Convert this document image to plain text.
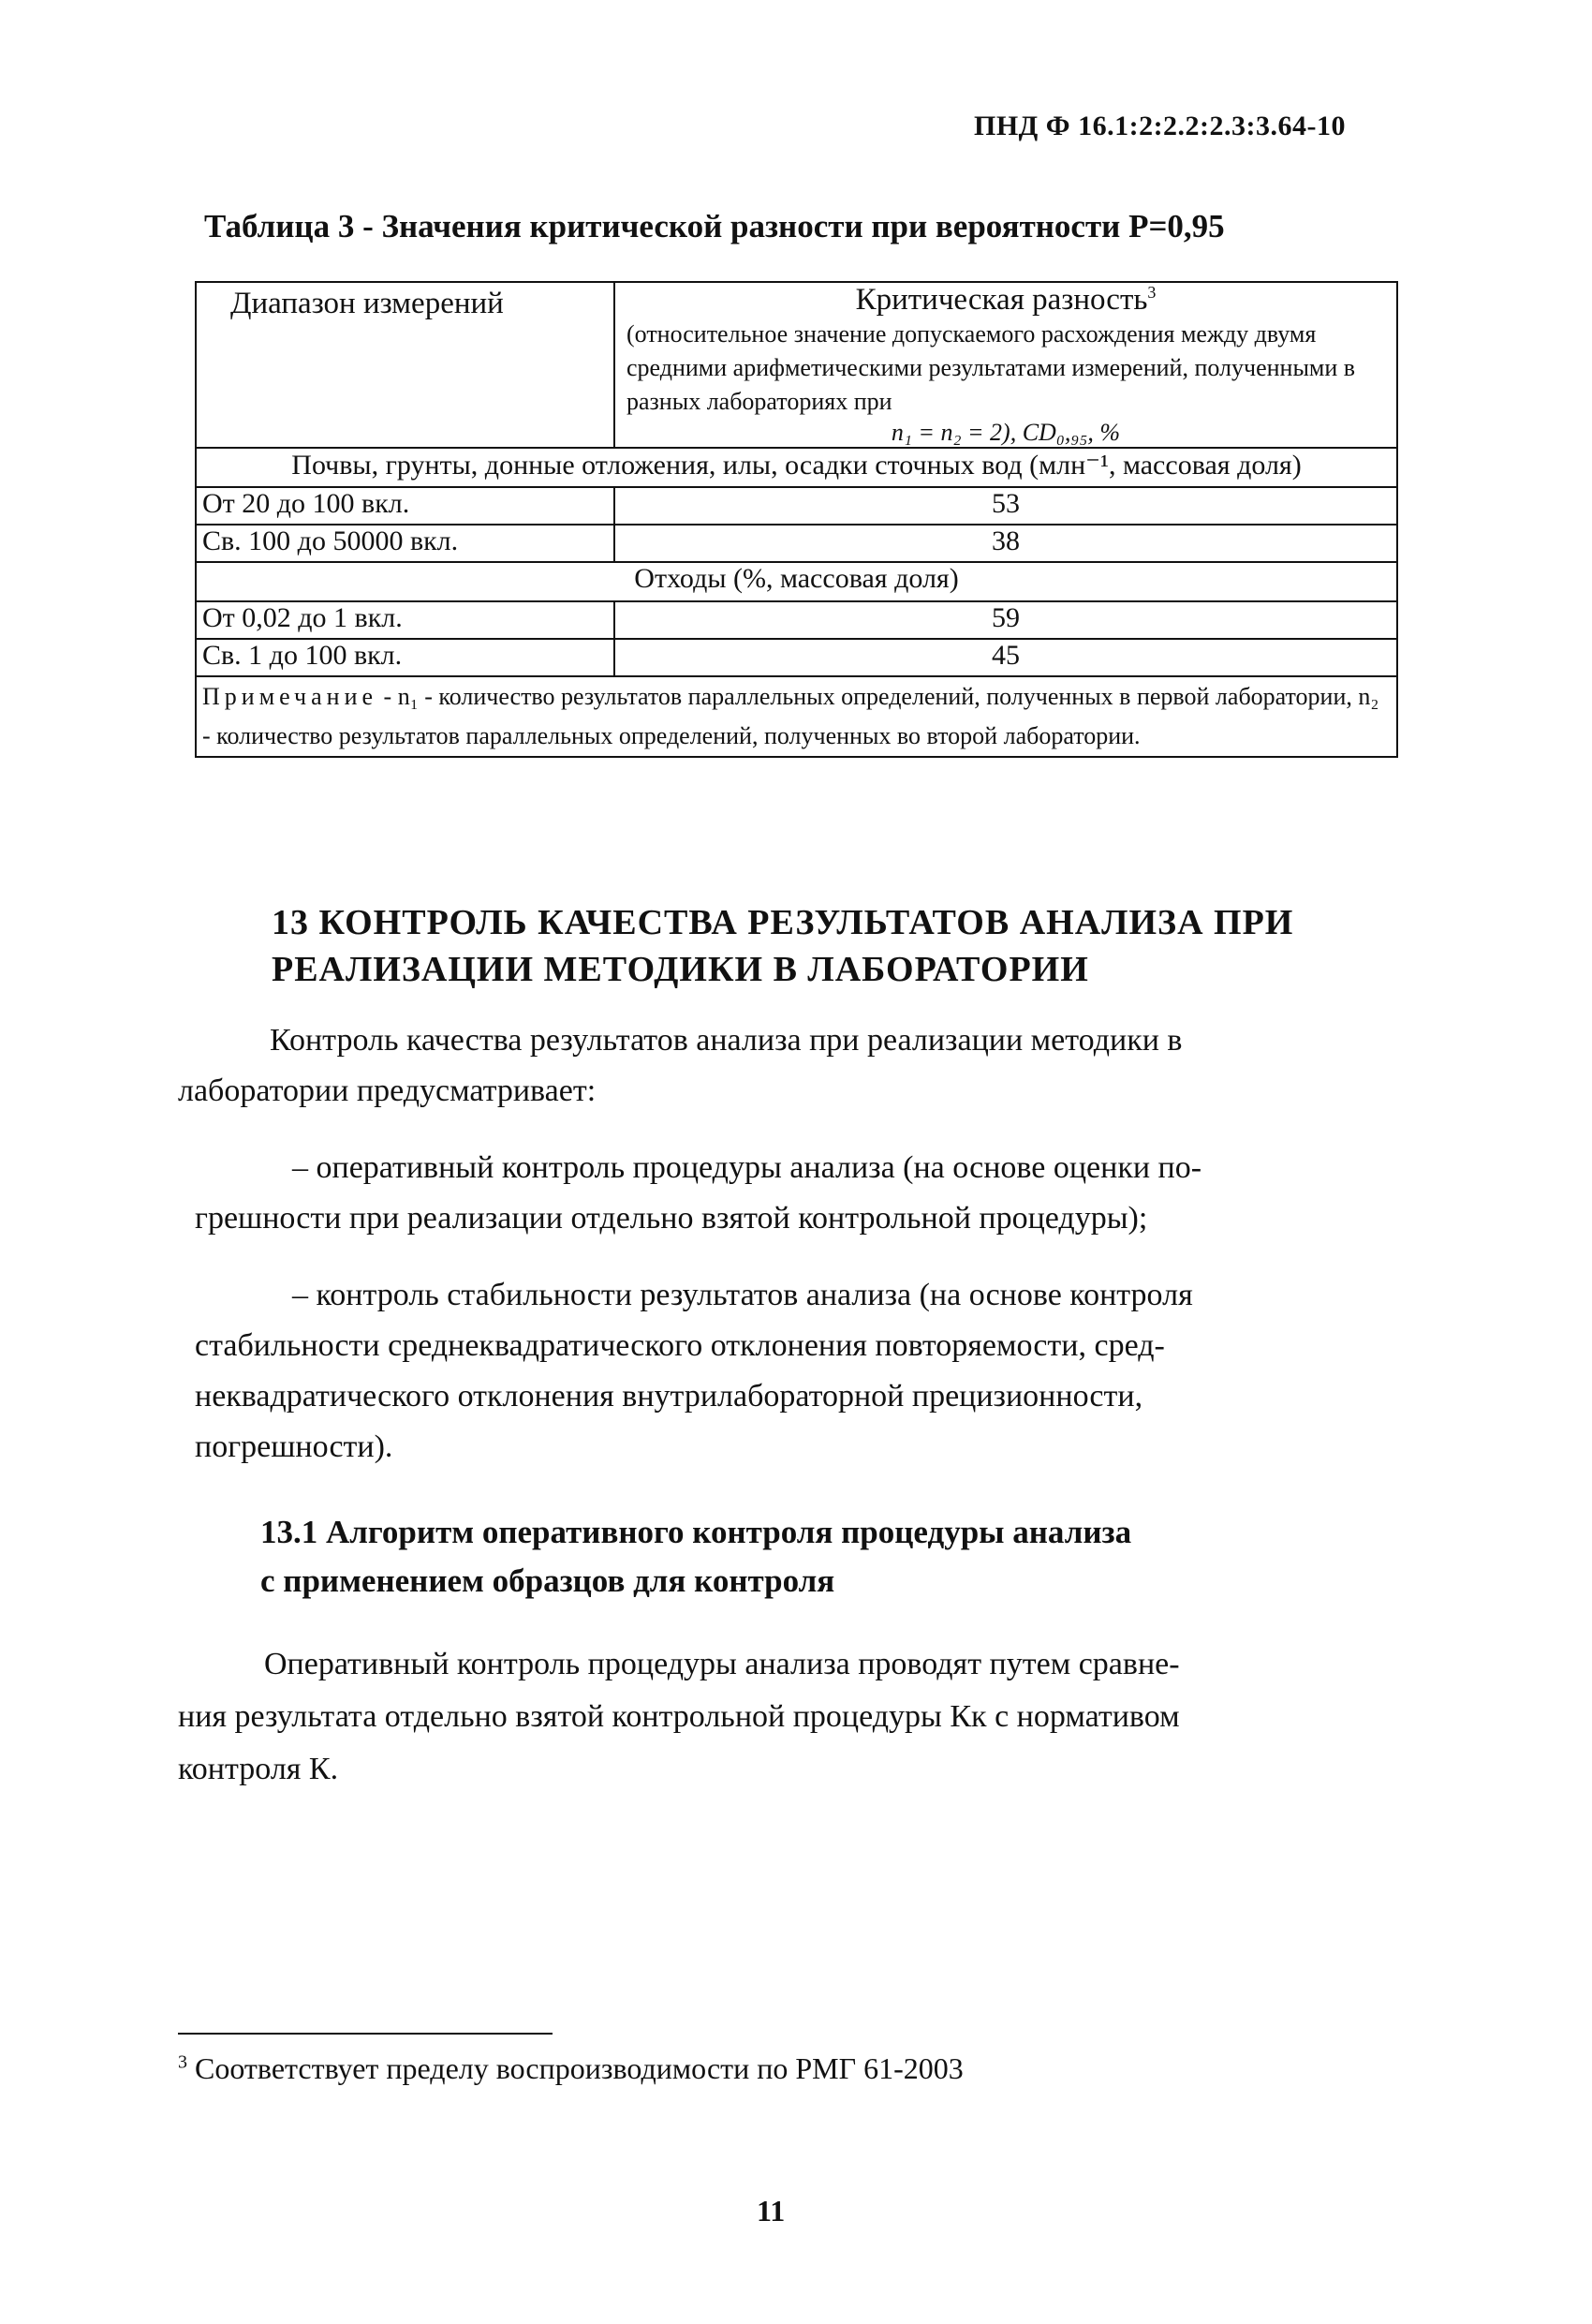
ПНД Ф 16.1:2:2.2:2.3:3.64-10
Таблица 3 - Значения критической разности при вероятности Р=0,95
Диапазон измерений	Критическая разность$^3$
(относительное значение допускаемого расхождения между двумя средними арифметическими результатами измерений, полученными в разных лабораториях при
n₁ = n₂ = 2), CD₀,₉₅, %

Почвы, грунты, донные отложения, илы, осадки сточных вод (млн⁻¹, массовая доля)	
От 20 до 100 вкл.	53
Св. 100 до 50000 вкл.	38
Отходы (%, массовая доля)	
От 0,02 до 1 вкл.	59
Св. 1 до 100 вкл.	45
Примечание - n₁ - количество результатов параллельных определений, полученных в первой лаборатории, n₂ - количество результатов параллельных определений, полученных во второй лаборатории.	
13 КОНТРОЛЬ КАЧЕСТВА РЕЗУЛЬТАТОВ АНАЛИЗА ПРИ
РЕАЛИЗАЦИИ МЕТОДИКИ В ЛАБОРАТОРИИ
Контроль качества результатов анализа при реализации методики в
лаборатории предусматривает:
– оперативный контроль процедуры анализа (на основе оценки по-
грешности при реализации отдельно взятой контрольной процедуры);
– контроль стабильности результатов анализа (на основе контроля
стабильности среднеквадратического отклонения повторяемости, сред-
неквадратического отклонения внутрилабораторной прецизионности,
погрешности).
13.1 Алгоритм оперативного контроля процедуры анализа
с применением образцов для контроля
Оперативный контроль процедуры анализа проводят путем сравне-
ния результата отдельно взятой контрольной процедуры Кк с нормативом
контроля К.
$^3$ Соответствует пределу воспроизводимости по РМГ 61-2003
11
